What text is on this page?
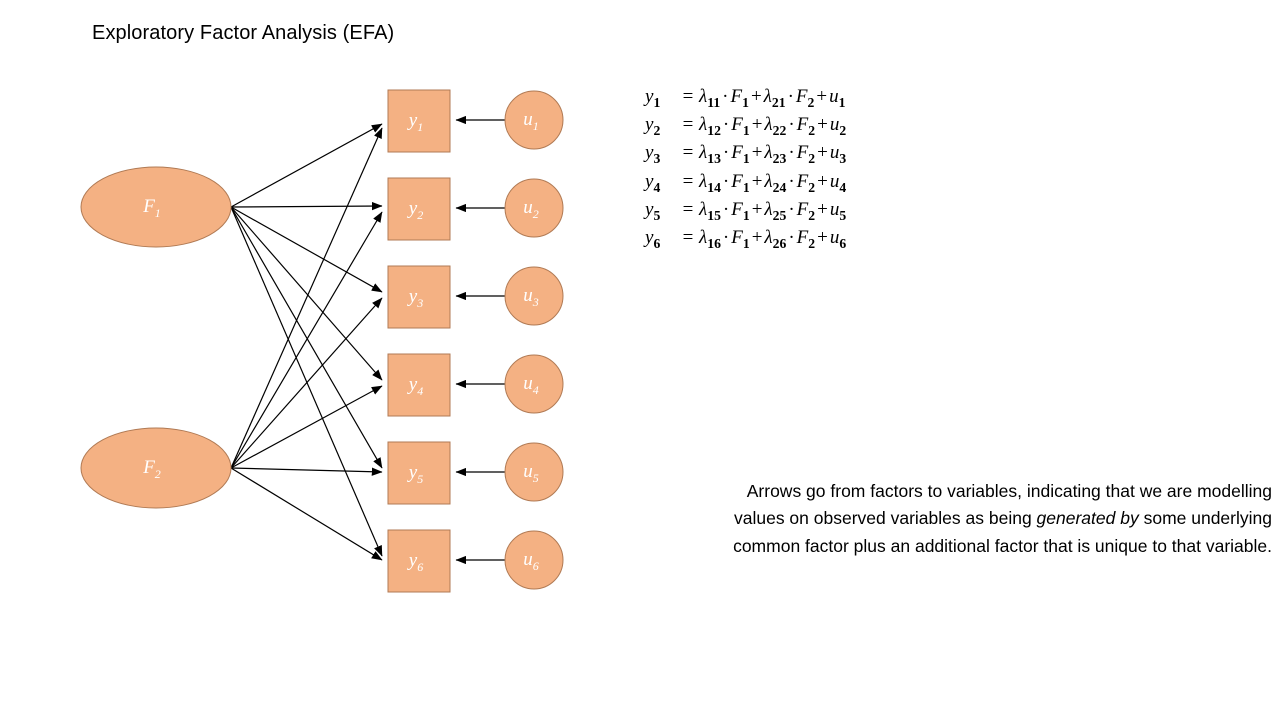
Exploratory Factor Analysis (EFA)
$F_1$
$F_2$
$y_1$
$y_2$
$y_3$
$y_4$
$y_5$
$y_6$
$u_1$
$u_2$
$u_3$
$u_4$
$u_5$
$u_6$
$y_1$	= $\lambda_{11} \cdot F_1 + \lambda_{21} \cdot F_2 + u_1$
$y_2$	= $\lambda_{12} \cdot F_1 + \lambda_{22} \cdot F_2 + u_2$
$y_3$	= $\lambda_{13} \cdot F_1 + \lambda_{23} \cdot F_2 + u_3$
$y_4$	= $\lambda_{14} \cdot F_1 + \lambda_{24} \cdot F_2 + u_4$
$y_5$	= $\lambda_{15} \cdot F_1 + \lambda_{25} \cdot F_2 + u_5$
$y_6$	= $\lambda_{16} \cdot F_1 + \lambda_{26} \cdot F_2 + u_6$
Arrows go from factors to variables, indicating that we are modelling values on observed variables as being generated by some underlying common factor plus an additional factor that is unique to that variable.
